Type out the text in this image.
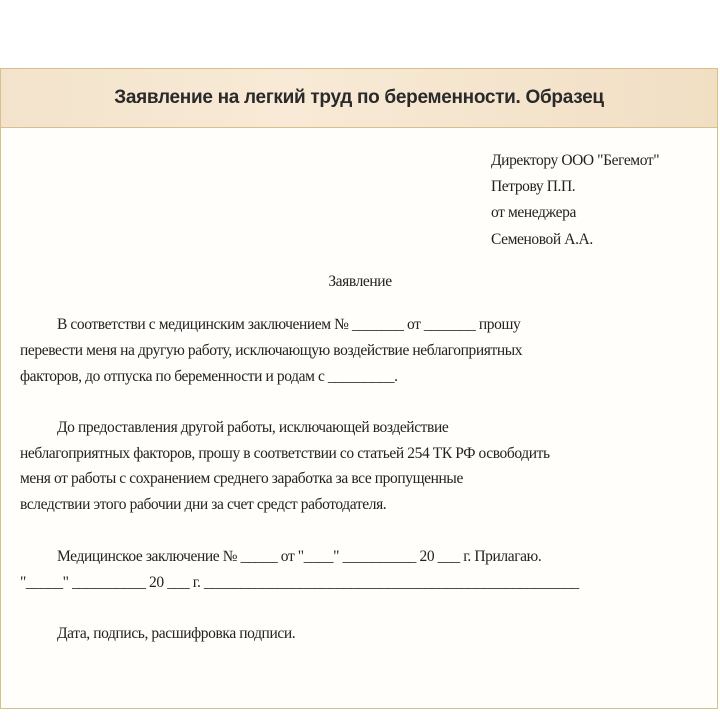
Заявление на легкий труд по беременности. Образец
Директору ООО "Бегемот"
Петрову П.П.
от менеджера
Семеновой А.А.
Заявление
В соответстви с медицинским заключением № _______ от _______ прошу
перевести меня на другую работу, исключающую воздействие неблагоприятных
факторов, до отпуска по беременности и родам с _________.
До предоставления другой работы, исключающей воздействие
неблагоприятных факторов, прошу в соответствии со статьей 254 ТК РФ освободить
меня от работы с сохранением среднего заработка за все пропущенные
вследствии этого рабочии дни за счет средст работодателя.
Медицинское заключение № _____ от "____" __________ 20 ___ г. Прилагаю.
"_____" __________ 20 ___ г. ___________________________________________________
Дата, подпись, расшифровка подписи.
